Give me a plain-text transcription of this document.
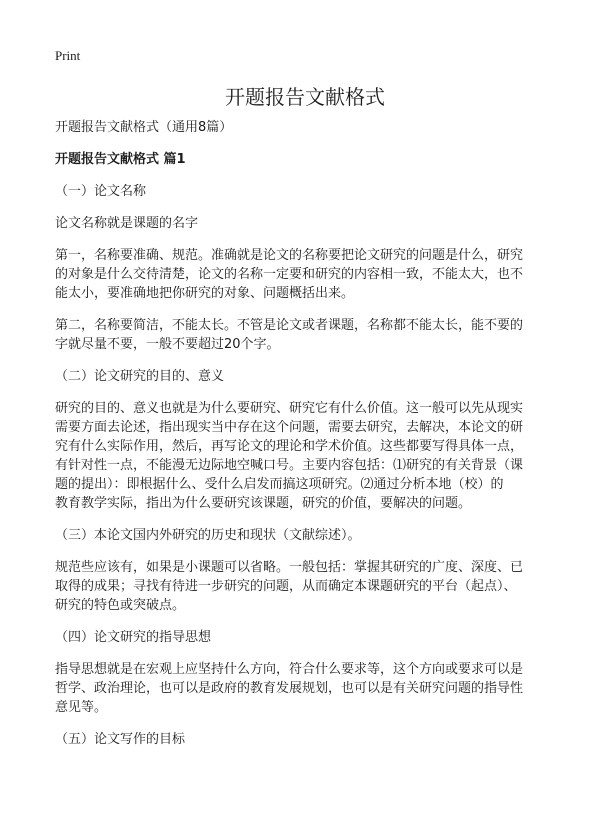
Print
开题报告文献格式
开题报告文献格式（通用8篇）
开题报告文献格式 篇1
（一）论文名称
论文名称就是课题的名字
第一，名称要准确、规范。准确就是论文的名称要把论文研究的问题是什么，研究
的对象是什么交待清楚，论文的名称一定要和研究的内容相一致，不能太大，也不
能太小，要准确地把你研究的对象、问题概括出来。
第二，名称要简洁，不能太长。不管是论文或者课题，名称都不能太长，能不要的
字就尽量不要，一般不要超过20个字。
（二）论文研究的目的、意义
研究的目的、意义也就是为什么要研究、研究它有什么价值。这一般可以先从现实
需要方面去论述，指出现实当中存在这个问题，需要去研究，去解决，本论文的研
究有什么实际作用，然后，再写论文的理论和学术价值。这些都要写得具体一点，
有针对性一点，不能漫无边际地空喊口号。主要内容包括：⑴研究的有关背景（课
题的提出）：即根据什么、受什么启发而搞这项研究。⑵通过分析本地（校）的
教育教学实际，指出为什么要研究该课题，研究的价值，要解决的问题。
（三）本论文国内外研究的历史和现状（文献综述）。
规范些应该有，如果是小课题可以省略。一般包括：掌握其研究的广度、深度、已
取得的成果；寻找有待进一步研究的问题，从而确定本课题研究的平台（起点）、
研究的特色或突破点。
（四）论文研究的指导思想
指导思想就是在宏观上应坚持什么方向，符合什么要求等，这个方向或要求可以是
哲学、政治理论，也可以是政府的教育发展规划，也可以是有关研究问题的指导性
意见等。
（五）论文写作的目标
